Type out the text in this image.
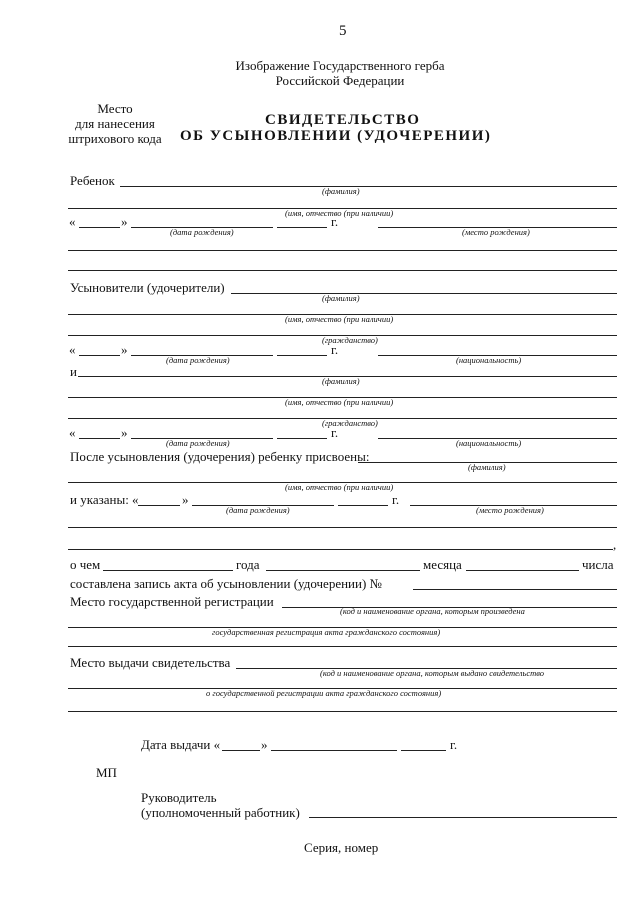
5
Изображение Государственного герба
Российской Федерации
Место
для нанесения
штрихового кода
СВИДЕТЕЛЬСТВО
ОБ УСЫНОВЛЕНИИ (УДОЧЕРЕНИИ)
Ребенок
(фамилия)
(имя, отчество (при наличии)
«	»	г.
(дата рождения)	(место рождения)
Усыновители (удочерители)
(фамилия)
(имя, отчество (при наличии)
(гражданство)
«	»	г.
(дата рождения)	(национальность)
и
(фамилия)
(имя, отчество (при наличии)
(гражданство)
«	»	г.
(дата рождения)	(национальность)
После усыновления (удочерения) ребенку присвоены:
(фамилия)
(имя, отчество (при наличии)
и указаны: «	»	г.
(дата рождения)	(место рождения)
,
о чем	года	месяца	числа
составлена запись акта об усыновлении (удочерении) №
Место государственной регистрации
(код и наименование органа, которым произведена
государственная регистрация акта гражданского состояния)
Место выдачи свидетельства
(код и наименование органа, которым выдано свидетельство
о государственной регистрации акта гражданского состояния)
Дата выдачи «	»	г.
МП
Руководитель
(уполномоченный работник)
Серия, номер
